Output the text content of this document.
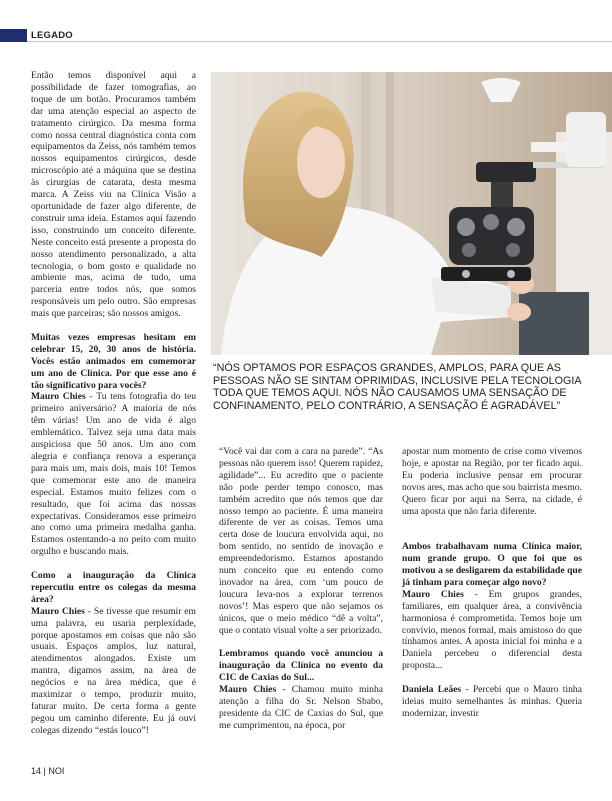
LEGADO

Então temos disponível aqui a possibilidade de fazer tomografias, ao toque de um botão. Procuramos também dar uma atenção especial ao aspecto de tratamento cirúrgico. Da mesma forma como nossa central diagnóstica conta com equipamentos da Zeiss, nós também temos nossos equipamentos cirúrgicos, desde microscópio até a máquina que se destina às cirurgias de catarata, desta mesma marca. A Zeiss viu na Clínica Visão a oportunidade de fazer algo diferente, de construir uma ideia. Estamos aqui fazendo isso, construindo um conceito diferente. Neste conceito está presente a proposta do nosso atendimento personalizado, a alta tecnologia, o bom gosto e qualidade no ambiente mas, acima de tudo, uma parceria entre todos nós, que somos responsáveis um pelo outro. São empresas mais que parceiras; são nossos amigos.

Muitas vezes empresas hesitam em celebrar 15, 20, 30 anos de história. Vocês estão animados em comemorar um ano de Clínica. Por que esse ano é tão significativo para vocês?

Mauro Chies - Tu tens fotografia do teu primeiro aniversário? A maioria de nós têm várias! Um ano de vida é algo emblemático. Talvez seja uma data mais auspiciosa que 50 anos. Um ano com alegria e confiança renova a esperança para mais um, mais dois, mais 10! Temos que comemorar este ano de maneira especial. Estamos muito felizes com o resultado, que foi acima das nossas expectativas. Consideramos esse primeiro ano como uma primeira medalha ganha. Estamos ostentando-a no peito com muito orgulho e buscando mais.

Como a inauguração da Clínica repercutiu entre os colegas da mesma área?

Mauro Chies - Se tivesse que resumir em uma palavra, eu usaria perplexidade, porque apostamos em coisas que não são usuais. Espaços amplos, luz natural, atendimentos alongados. Existe um mantra, digamos assim, na área de negócios e na área médica, que é maximizar o tempo, produzir muito, faturar muito. De certa forma a gente pegou um caminho diferente. Eu já ouvi colegas dizendo “estás louco”!

“NÓS OPTAMOS POR ESPAÇOS GRANDES, AMPLOS, PARA QUE AS PESSOAS NÃO SE SINTAM OPRIMIDAS, INCLUSIVE PELA TECNOLOGIA TODA QUE TEMOS AQUI. NÓS NÃO CAUSAMOS UMA SENSAÇÃO DE CONFINAMENTO, PELO CONTRÁRIO, A SENSAÇÃO É AGRADÁVEL”

“Você vai dar com a cara na parede”. “As pessoas não querem isso! Querem rapidez, agilidade”... Eu acredito que o paciente não pode perder tempo conosco, mas também acredito que nós temos que dar nosso tempo ao paciente. É uma maneira diferente de ver as coisas. Temos uma certa dose de loucura envolvida aqui, no bom sentido, no sentido de inovação e empreendedorismo. Estamos apostando num conceito que eu entendo como inovador na área, com ‘um pouco de loucura leva-nos a explorar terrenos novos’! Mas espero que não sejamos os únicos, que o meio médico “dê a volta”, que o contato visual volte a ser priorizado.

Lembramos quando você anunciou a inauguração da Clínica no evento da CIC de Caxias do Sul...

Mauro Chies - Chamou muito minha atenção a filha do Sr. Nelson Sbabo, presidente da CIC de Caxias do Sul, que me cumprimentou, na época, por

apostar num momento de crise como vivemos hoje, e apostar na Região, por ter ficado aqui. Eu poderia inclusive pensar em procurar novos ares, mas acho que sou bairrista mesmo. Quero ficar por aqui na Serra, na cidade, é uma aposta que não faria diferente.

Ambos trabalhavam numa Clínica maior, num grande grupo. O que foi que os motivou a se desligarem da estabilidade que já tinham para começar algo novo?

Mauro Chies - Em grupos grandes, familiares, em qualquer área, a convivência harmoniosa é comprometida. Temos hoje um convívio, menos formal, mais amistoso do que tínhamos antes. A aposta inicial foi minha e a Daniela percebeu o diferencial desta proposta...

Daniela Leães - Percebi que o Mauro tinha ideias muito semelhantes às minhas. Queria modernizar, investir

14 | NOI
